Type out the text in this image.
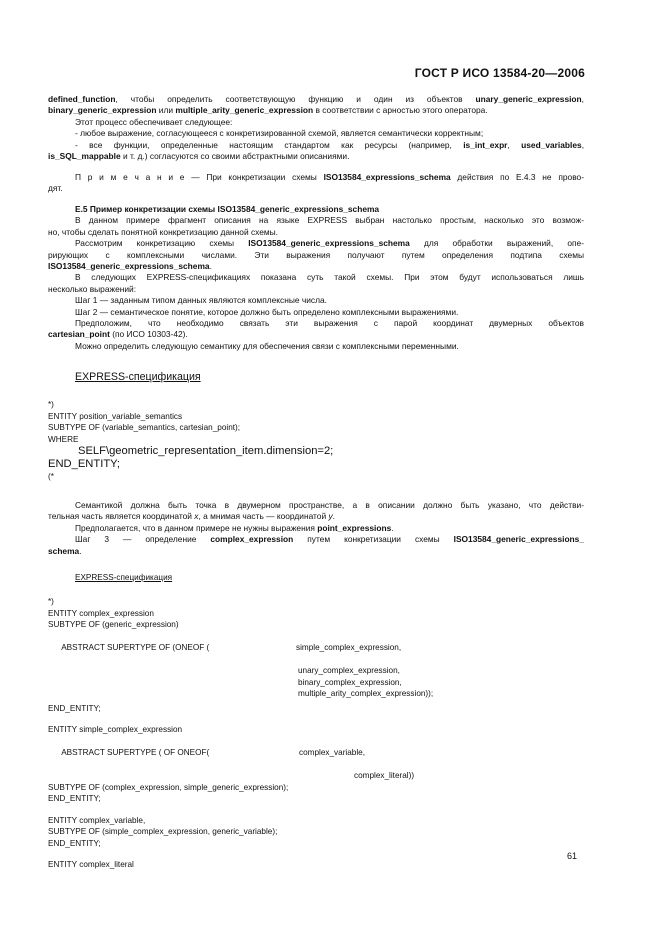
ГОСТ Р ИСО 13584-20—2006
defined_function, чтобы определить соответствующую функцию и один из объектов unary_generic_expression,
binary_generic_expression или multiple_arity_generic_expression в соответствии с арностью этого оператора.
Этот процесс обеспечивает следующее:
- любое выражение, согласующееся с конкретизированной схемой, является семантически корректным;
- все функции, определенные настоящим стандартом как ресурсы (например, is_int_expr, used_variables,
is_SQL_mappable и т. д.) согласуются со своими абстрактными описаниями.
П р и м е ч а н и е — При конкретизации схемы ISO13584_expressions_schema действия по Е.4.3 не прово-
дят.
Е.5 Пример конкретизации схемы ISO13584_generic_expressions_schema
В данном примере фрагмент описания на языке EXPRESS выбран настолько простым, насколько это возмож-
но, чтобы сделать понятной конкретизацию данной схемы.
Рассмотрим конкретизацию схемы ISO13584_generic_expressions_schema для обработки выражений, опе-
рирующих с комплексными числами. Эти выражения получают путем определения подтипа схемы
ISO13584_generic_expressions_schema.
В следующих EXPRESS-спецификациях показана суть такой схемы. При этом будут использоваться лишь
несколько выражений:
Шаг 1 — заданным типом данных являются комплексные числа.
Шаг 2 — семантическое понятие, которое должно быть определено комплексными выражениями.
Предположим, что необходимо связать эти выражения с парой координат двумерных объектов
cartesian_point (по ИСО 10303-42).
Можно определить следующую семантику для обеспечения связи с комплексными переменными.
EXPRESS-спецификация
*)
ENTITY position_variable_semantics
SUBTYPE OF (variable_semantics, cartesian_point);
WHERE
SELF\geometric_representation_item.dimension=2;
END_ENTITY;
(*
Семантикой должна быть точка в двумерном пространстве, а в описании должно быть указано, что действи-
тельная часть является координатой x, а мнимая часть — координатой y.
Предполагается, что в данном примере не нужны выражения point_expressions.
Шаг 3 — определение complex_expression путем конкретизации схемы ISO13584_generic_expressions_
schema.
EXPRESS-спецификация
*)
ENTITY complex_expression
SUBTYPE OF (generic_expression)

ABSTRACT SUPERTYPE OF (ONEOF (	simple_complex_expression,

unary_complex_expression,
binary_complex_expression,
multiple_arity_complex_expression));
END_ENTITY;
ENTITY simple_complex_expression

ABSTRACT SUPERTYPE ( OF ONEOF(	complex_variable,

complex_literal))
SUBTYPE OF (complex_expression, simple_generic_expression);
END_ENTITY;
ENTITY complex_variable,
SUBTYPE OF (simple_complex_expression, generic_variable);
END_ENTITY;
ENTITY complex_literal
61
